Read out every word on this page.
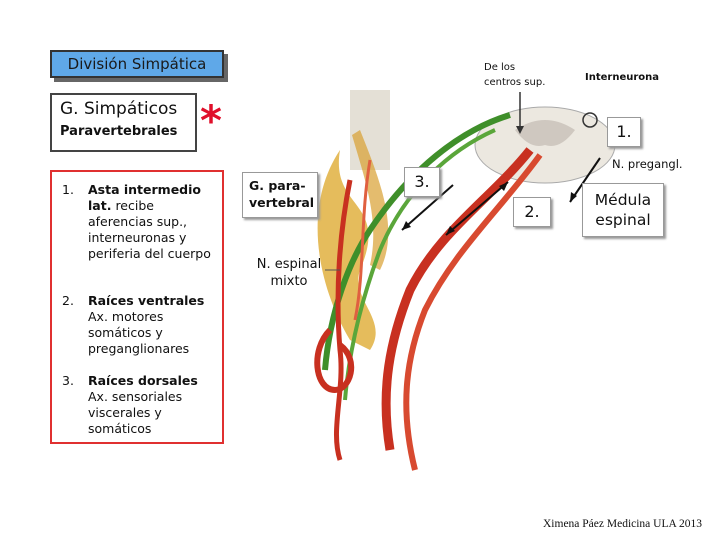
División Simpática
G. Simpáticos
Paravertebrales *
1. Asta intermedio lat. recibe aferencias sup., interneuronas y periferia del cuerpo
2. Raíces ventrales
Ax. motores somáticos y preganglionares
3. Raíces dorsales
Ax. sensoriales viscerales y somáticos
G. para-vertebral
3.
2.
1.
Médula espinal
N. espinal mixto
De los centros sup.	Interneurona
N. pregangl.
Ximena Páez Medicina ULA 2013
